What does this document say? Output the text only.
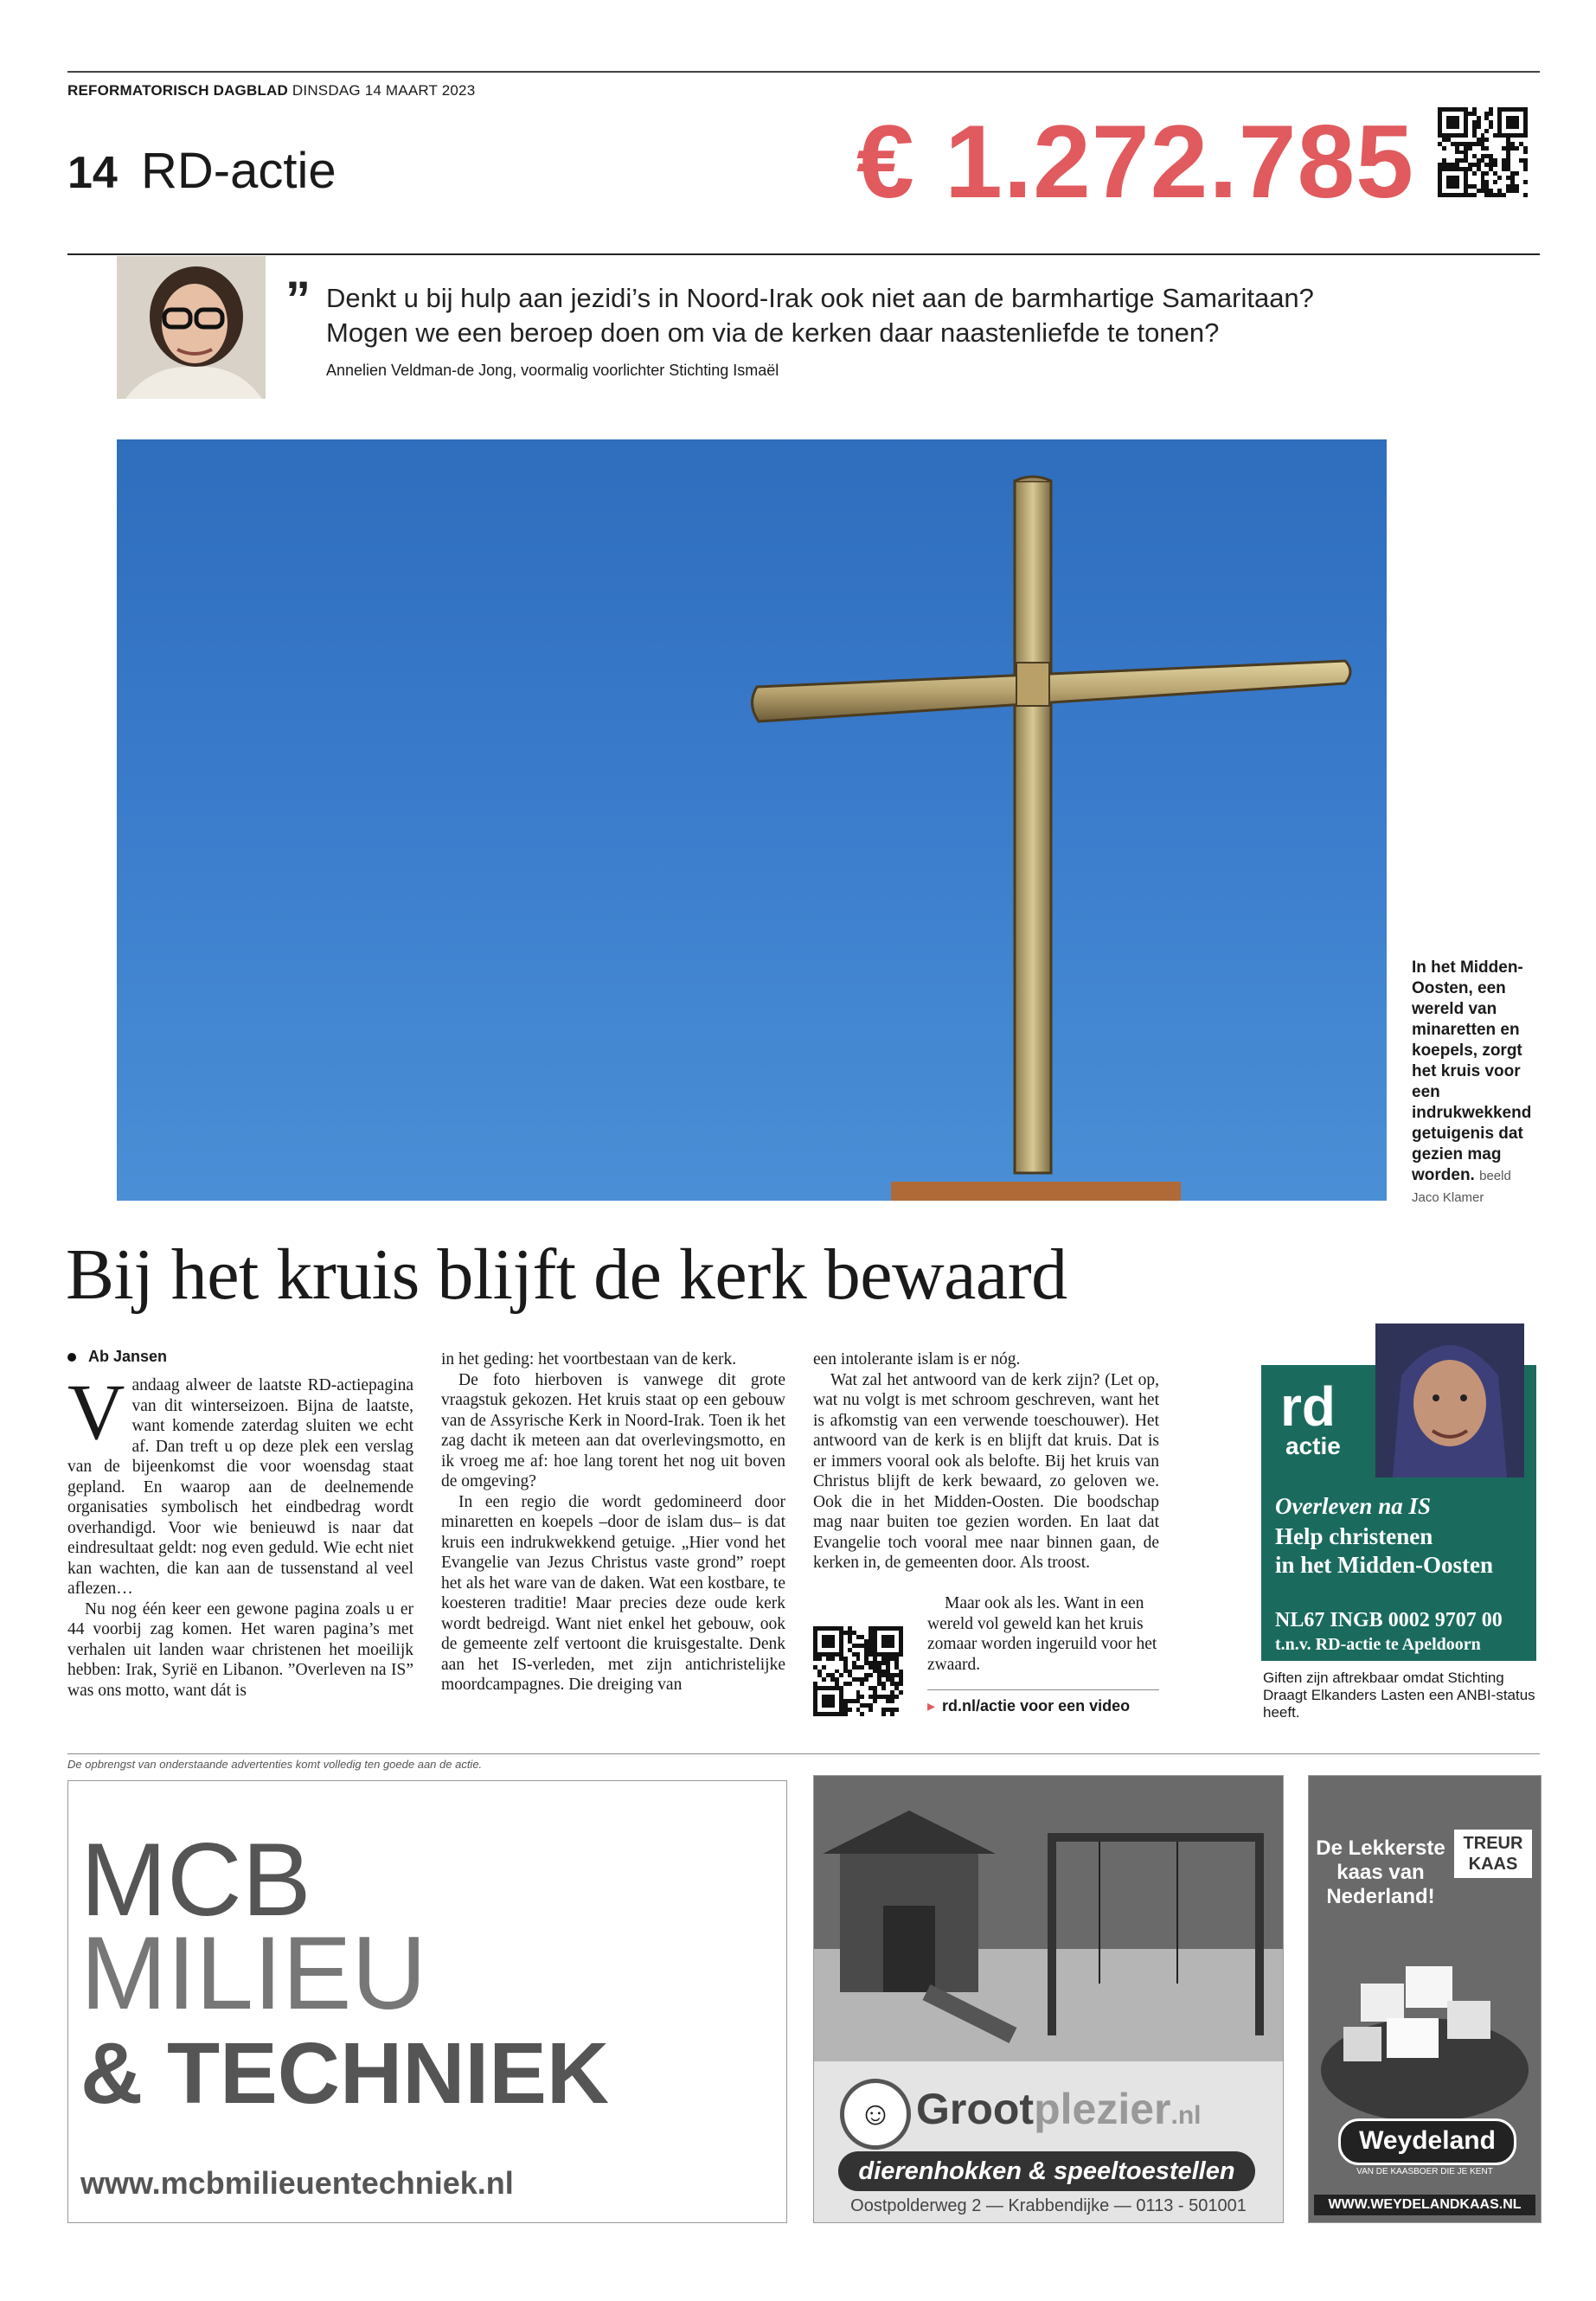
REFORMATORISCH DAGBLAD DINSDAG 14 MAART 2023
14 RD-actie	€ 1.272.785
” Denkt u bij hulp aan jezidi’s in Noord-Irak ook niet aan de barmhartige Samaritaan? Mogen we een beroep doen om via de kerken daar naastenliefde te tonen?
Annelien Veldman-de Jong, voormalig voorlichter Stichting Ismaël
In het Midden-Oosten, een wereld van minaretten en koepels, zorgt het kruis voor een indrukwekkend getuigenis dat gezien mag worden. beeld
Jaco Klamer
Bij het kruis blijft de kerk bewaard
Ab Jansen
V andaag alweer de laatste RD-actiepagina van dit winterseizoen. Bijna de laatste, want komende zaterdag sluiten we echt af. Dan treft u op deze plek een verslag van de bijeenkomst die voor woensdag staat gepland. En waarop aan de deelnemende organisaties symbolisch het eindbedrag wordt overhandigd. Voor wie benieuwd is naar dat eindresultaat geldt: nog even geduld. Wie echt niet kan wachten, die kan aan de tussenstand al veel aflezen…

Nu nog één keer een gewone pagina zoals u er 44 voorbij zag komen. Het waren pagina’s met verhalen uit landen waar christenen het moeilijk hebben: Irak, Syrië en Libanon. ”Overleven na IS” was ons motto, want dát is

in het geding: het voortbestaan van de kerk.

De foto hierboven is vanwege dit grote vraagstuk gekozen. Het kruis staat op een gebouw van de Assyrische Kerk in Noord-Irak. Toen ik het zag dacht ik meteen aan dat overlevingsmotto, en ik vroeg me af: hoe lang torent het nog uit boven de omgeving?

In een regio die wordt gedomineerd door minaretten en koepels –door de islam dus– is dat kruis een indrukwekkend getuige. „Hier vond het Evangelie van Jezus Christus vaste grond” roept het als het ware van de daken. Wat een kostbare, te koesteren traditie! Maar precies deze oude kerk wordt bedreigd. Want niet enkel het gebouw, ook de gemeente zelf vertoont die kruisgestalte. Denk aan het IS-verleden, met zijn antichristelijke moordcampagnes. Die dreiging van

een intolerante islam is er nóg.

Wat zal het antwoord van de kerk zijn? (Let op, wat nu volgt is met schroom geschreven, want het is afkomstig van een verwende toeschouwer). Het antwoord van de kerk is en blijft dat kruis. Dat is er immers vooral ook als belofte. Bij het kruis van Christus blijft de kerk bewaard, zo geloven we. Ook die in het Midden-Oosten. Die boodschap mag naar buiten toe gezien worden. En laat dat Evangelie toch vooral mee naar binnen gaan, de kerken in, de gemeenten door. Als troost.

Maar ook als les. Want in een wereld vol geweld kan het kruis zomaar worden ingeruild voor het zwaard.

▸ rd.nl/actie voor een video
rd
actie
Overleven na IS
Help christenen
in het Midden-Oosten
NL67 INGB 0002 9707 00
t.n.v. RD-actie te Apeldoorn
Giften zijn aftrekbaar omdat Stichting Draagt Elkanders Lasten een ANBI-status heeft.
De opbrengst van onderstaande advertenties komt volledig ten goede aan de actie.
MCB
MILIEU
& TECHNIEK
www.mcbmilieuentechniek.nl
☺ Grootplezier.nl
dierenhokken & speeltoestellen
Oostpolderweg 2 — Krabbendijke — 0113 - 501001
De Lekkerste kaas van Nederland!
TREUR KAAS
Weydeland
VAN DE KAASBOER DIE JE KENT
WWW.WEYDELANDKAAS.NL
